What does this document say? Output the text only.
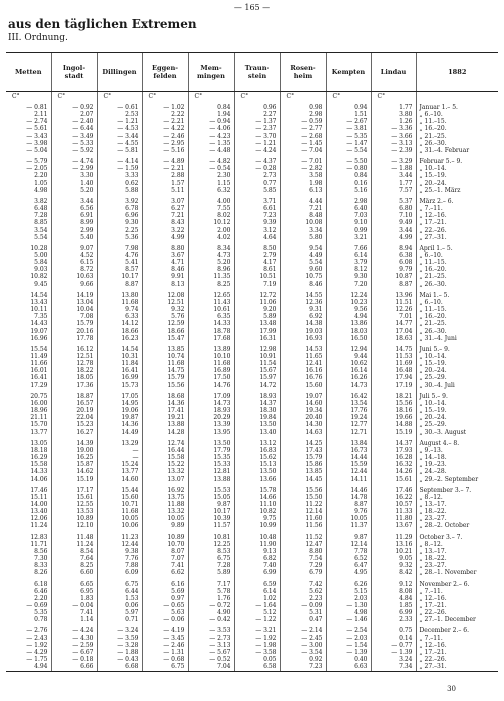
— 165 —
aus den täglichen Extremen
III. Ordnung.
Metten	Ingol-
stadt	Dillingen	Eggen-
felden	Mem-
mingen	Traun-
stein	Rosen-
heim	Kempten	Lindau	1882
C°	C°	C°	C°	C°	C°	C°	C°	C°	
— 0.81	— 0.92	— 0.61	— 1.02	0.84	0.96	0.98	0.94	1.77	Januar 1.– 5.
2.11	2.07	2.53	2.22	1.94	2.27	2.98	1.51	3.80	„ 6.–10.
— 2.74	— 2.40	— 1.21	— 2.21	— 0.94	— 1.37	— 0.59	— 2.67	1.26	„ 11.–15.
— 5.61	— 6.44	— 4.53	— 4.22	— 4.06	— 2.37	— 2.77	— 3.81	— 3.36	„ 16.–20.
— 3.43	— 3.49	— 3.44	— 2.46	— 4.23	— 3.70	— 2.68	— 5.35	— 3.66	„ 21.–25.
— 3.98	— 5.33	— 4.55	— 2.95	— 1.35	— 1.21	— 1.45	— 1.47	— 3.13	„ 26.–30.
— 5.04	— 5.92	— 5.81	— 5.16	— 4.48	— 4.24	— 7.04	— 5.54	— 2.39	„ 31.–4. Februar
— 5.79	— 4.74	— 4.14	— 4.89	— 4.82	— 4.37	— 7.01	— 5.50	— 3.29	Februar 5.– 9.
— 2.05	— 2.99	— 1.59	— 2.21	— 0.54	— 0.28	— 2.82	— 0.80	— 1.88	„ 10.–14.
2.20	3.30	3.33	2.88	2.30	2.73	3.58	0.84	3.44	„ 15.–19.
1.05	1.40	0.62	1.57	1.15	0.77	1.98	0.16	1.77	„ 20.–24.
4.98	5.20	5.88	5.11	6.32	5.85	6.13	5.16	7.57	„ 25.–1. März
3.82	3.44	3.92	3.07	4.00	3.71	4.44	2.98	5.37	März 2.– 6.
6.48	6.56	6.78	6.27	7.55	6.61	7.21	6.40	6.80	„ 7.–11.
7.28	6.91	6.96	7.21	8.02	7.23	8.48	7.03	7.10	„ 12.–16.
8.85	8.99	9.30	8.43	10.12	9.39	10.08	9.10	9.49	„ 17.–21.
3.54	2.99	2.25	3.22	2.00	3.12	3.34	0.99	3.44	„ 22.–26.
5.54	5.40	5.36	4.99	4.02	4.64	5.80	3.21	4.99	„ 27.–31.
10.28	9.07	7.98	8.80	8.34	8.50	9.54	7.66	8.94	April 1.– 5.
5.00	4.52	4.76	3.67	4.73	2.79	4.49	6.14	6.38	„ 6.–10.
5.84	6.15	5.41	4.71	5.20	4.17	5.54	3.79	6.08	„ 11.–15.
9.03	8.72	8.57	8.46	8.96	8.61	9.60	8.12	9.79	„ 16.–20.
10.82	10.63	10.17	9.91	11.35	10.51	10.75	9.30	10.87	„ 21.–25.
9.45	9.66	8.87	8.13	8.25	7.19	8.46	7.20	8.87	„ 26.–30.
14.54	14.19	13.80	12.08	12.65	12.72	14.55	12.24	13.96	Mai 1.– 5.
13.43	13.04	11.68	12.51	11.43	11.06	12.36	10.23	11.51	„ 6.–10.
10.11	10.04	9.74	9.32	10.61	9.20	9.31	9.56	12.26	„ 11.–15.
7.35	7.08	6.33	5.76	6.35	5.89	6.92	4.94	7.01	„ 16.–20.
14.43	15.79	14.12	12.59	14.33	13.48	14.38	13.86	14.77	„ 21.–25.
19.07	20.16	18.66	18.66	18.78	17.99	19.03	18.03	17.04	„ 26.–30.
16.96	17.78	16.23	15.47	17.68	16.31	16.93	16.50	18.63	„ 31.–4. Juni
15.54	16.12	14.54	13.85	13.89	12.98	14.53	12.94	14.75	Juni 5.– 9.
11.49	12.51	10.31	10.74	10.10	10.91	11.65	9.44	11.53	„ 10.–14.
11.66	12.78	11.84	11.68	11.68	11.54	12.41	10.62	11.69	„ 15.–19.
16.01	18.22	16.41	14.75	16.89	15.67	16.16	16.14	16.48	„ 20.–24.
16.41	18.05	16.99	15.79	17.50	15.97	16.76	16.26	17.94	„ 25.–29.
17.29	17.36	15.73	15.56	14.76	14.72	15.60	14.73	17.19	„ 30.–4. Juli
20.75	18.87	17.05	18.68	17.09	18.93	19.07	16.42	18.21	Juli 5.– 9.
16.00	16.57	14.95	14.36	14.73	14.37	14.60	13.54	15.56	„ 10.–14.
18.96	20.19	19.06	17.41	18.93	18.30	19.34	17.76	18.16	„ 15.–19.
21.11	22.04	19.87	19.21	20.29	19.84	20.40	19.24	19.66	„ 20.–24.
15.70	15.23	14.36	13.88	13.39	13.50	14.30	12.77	14.88	„ 25.–29.
13.77	16.27	14.49	14.28	13.95	13.40	14.63	12.71	15.19	„ 30.–3. August
13.05	14.39	13.29	12.74	13.50	13.12	14.25	13.84	14.37	August 4.– 8.
18.18	19.00	—	16.44	17.79	16.83	17.43	16.73	17.93	„ 9.–13.
16.29	16.25	—	15.58	15.35	15.62	15.79	14.44	16.28	„ 14.–18.
15.58	15.87	15.24	15.22	15.33	15.13	15.86	15.59	16.32	„ 19.–23.
14.33	14.62	13.77	13.32	12.81	13.50	13.85	12.44	14.26	„ 24.–28.
14.06	15.19	14.60	13.07	13.88	13.66	14.45	14.11	15.61	„ 29.–2. September
17.46	17.17	15.44	16.92	15.53	15.78	15.56	14.46	17.46	September 3.– 7.
15.11	15.61	15.60	13.75	15.05	14.66	15.50	14.78	16.22	„ 8.–12.
14.00	12.55	10.71	11.88	9.87	11.10	11.22	8.87	10.57	„ 13.–17.
13.40	13.53	11.68	13.32	10.17	10.82	12.14	9.76	11.33	„ 18.–22.
12.06	10.89	10.05	10.05	10.39	9.75	11.60	10.05	11.80	„ 23.–27.
11.24	12.10	10.06	9.89	11.57	10.99	11.56	11.37	13.67	„ 28.–2. October
12.83	11.48	11.23	10.89	10.81	10.48	11.52	9.87	11.29	October 3.– 7.
11.71	11.24	12.44	10.70	12.25	11.90	12.47	12.14	13.16	„ 8.–12.
8.56	8.54	9.38	8.07	8.53	9.13	8.80	7.78	10.21	„ 13.–17.
7.30	7.64	7.76	7.07	6.75	6.82	7.54	6.52	9.05	„ 18.–22.
8.33	8.25	7.88	7.41	7.28	7.40	7.29	6.47	9.32	„ 23.–27.
8.26	6.60	6.09	6.62	5.89	6.99	6.79	4.95	8.42	„ 28.–1. November
6.18	6.65	6.75	6.16	7.17	6.59	7.42	6.26	9.12	November 2.– 6.
6.46	6.95	6.44	5.69	5.78	6.14	5.62	5.15	8.08	„ 7.–11.
2.20	1.83	1.53	0.97	1.76	1.02	2.23	2.03	4.84	„ 12.–16.
— 0.69	— 0.04	0.06	— 0.65	— 0.72	— 1.64	— 0.09	— 1.30	1.85	„ 17.–21.
5.35	7.41	5.97	5.63	4.90	5.12	5.31	4.98	6.99	„ 22.–26.
0.78	1.14	0.71	— 0.06	— 0.42	— 1.22	0.47	— 1.46	2.33	„ 27.–1. December
— 2.76	— 4.24	— 3.24	— 4.19	— 3.53	— 3.21	— 2.14	— 2.54	0.75	December 2.– 6.
— 2.43	— 4.30	— 3.59	— 3.45	— 2.73	— 1.92	— 2.45	— 2.03	0.14	„ 7.–11.
— 1.92	— 2.59	— 3.28	— 2.46	— 3.13	— 1.98	— 3.00	— 1.54	— 0.77	„ 12.–16.
— 4.29	— 6.67	— 1.88	— 1.31	— 5.67	— 3.58	— 3.54	— 1.39	— 1.39	„ 17.–21.
— 1.75	— 0.18	— 0.43	— 0.68	— 0.52	0.05	0.92	0.40	3.24	„ 22.–26.
4.94	6.66	6.68	6.75	7.04	6.58	7.23	6.63	7.34	„ 27.–31.
30
